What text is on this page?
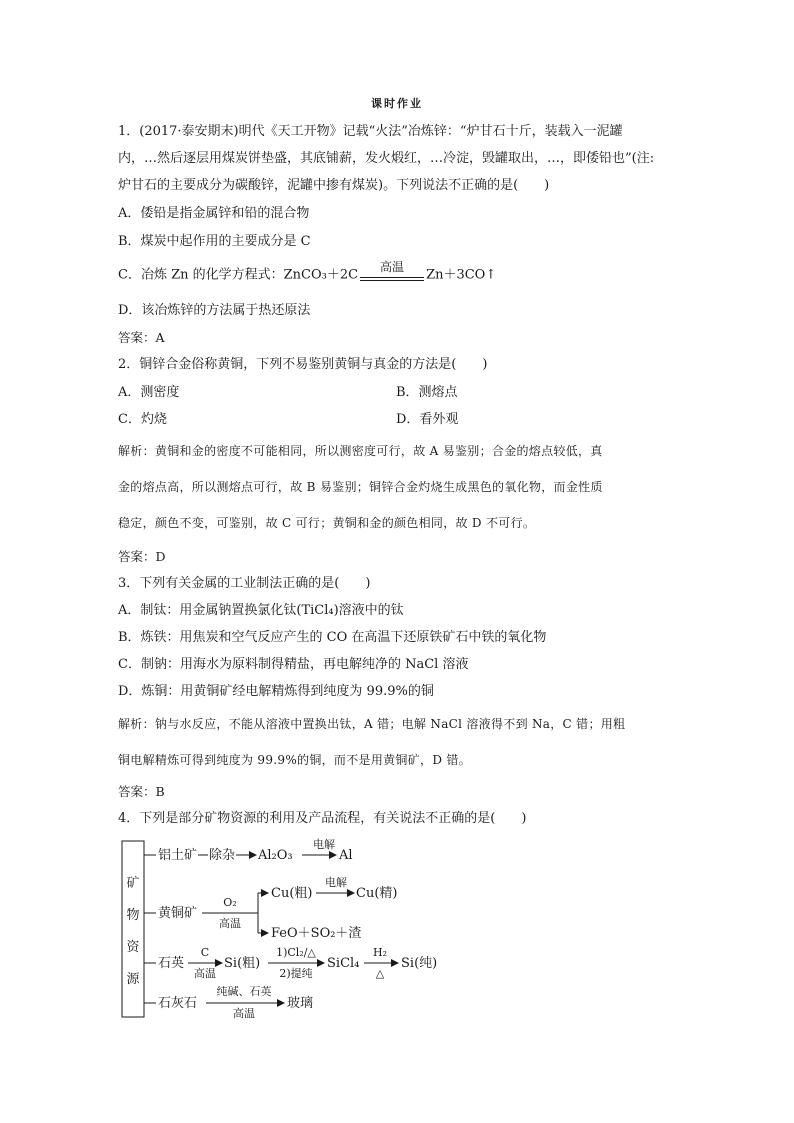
课时作业
1．(2017·泰安期末)明代《天工开物》记载“火法”冶炼锌：“炉甘石十斤，装载入一泥罐
内，…然后逐层用煤炭饼垫盛，其底铺薪，发火煅红，…冷淀，毁罐取出，…，即倭铅也”(注:
炉甘石的主要成分为碳酸锌，泥罐中掺有煤炭)。下列说法不正确的是(　　)
A．倭铅是指金属锌和铅的混合物
B．煤炭中起作用的主要成分是 C
C．冶炼 Zn 的化学方程式：ZnCO₃＋2C
高温
Zn＋3CO↑
D．该冶炼锌的方法属于热还原法
答案：A
2．铜锌合金俗称黄铜，下列不易鉴别黄铜与真金的方法是(　　)
A．测密度	B．测熔点
C．灼烧	D．看外观
解析：黄铜和金的密度不可能相同，所以测密度可行，故 A 易鉴别；合金的熔点较低，真
金的熔点高，所以测熔点可行，故 B 易鉴别；铜锌合金灼烧生成黑色的氧化物，而金性质
稳定，颜色不变，可鉴别，故 C 可行；黄铜和金的颜色相同，故 D 不可行。
答案：D
3．下列有关金属的工业制法正确的是(　　)
A．制钛：用金属钠置换氯化钛(TiCl₄)溶液中的钛
B．炼铁：用焦炭和空气反应产生的 CO 在高温下还原铁矿石中铁的氧化物
C．制钠：用海水为原料制得精盐，再电解纯净的 NaCl 溶液
D．炼铜：用黄铜矿经电解精炼得到纯度为 99.9%的铜
解析：钠与水反应，不能从溶液中置换出钛，A 错；电解 NaCl 溶液得不到 Na，C 错；用粗
铜电解精炼可得到纯度为 99.9%的铜，而不是用黄铜矿，D 错。
答案：B
4．下列是部分矿物资源的利用及产品流程，有关说法不正确的是(　　)
矿
物
资
源
铝土矿 除杂 Al₂O₃
电解
Al
黄铜矿
O₂
高温
Cu(粗)
电解
Cu(精)
FeO＋SO₂＋渣
石英
C
高温
Si(粗)
1)Cl₂/△
2)提纯
SiCl₄
H₂
△
Si(纯)
石灰石
纯碱、石英
高温
玻璃
